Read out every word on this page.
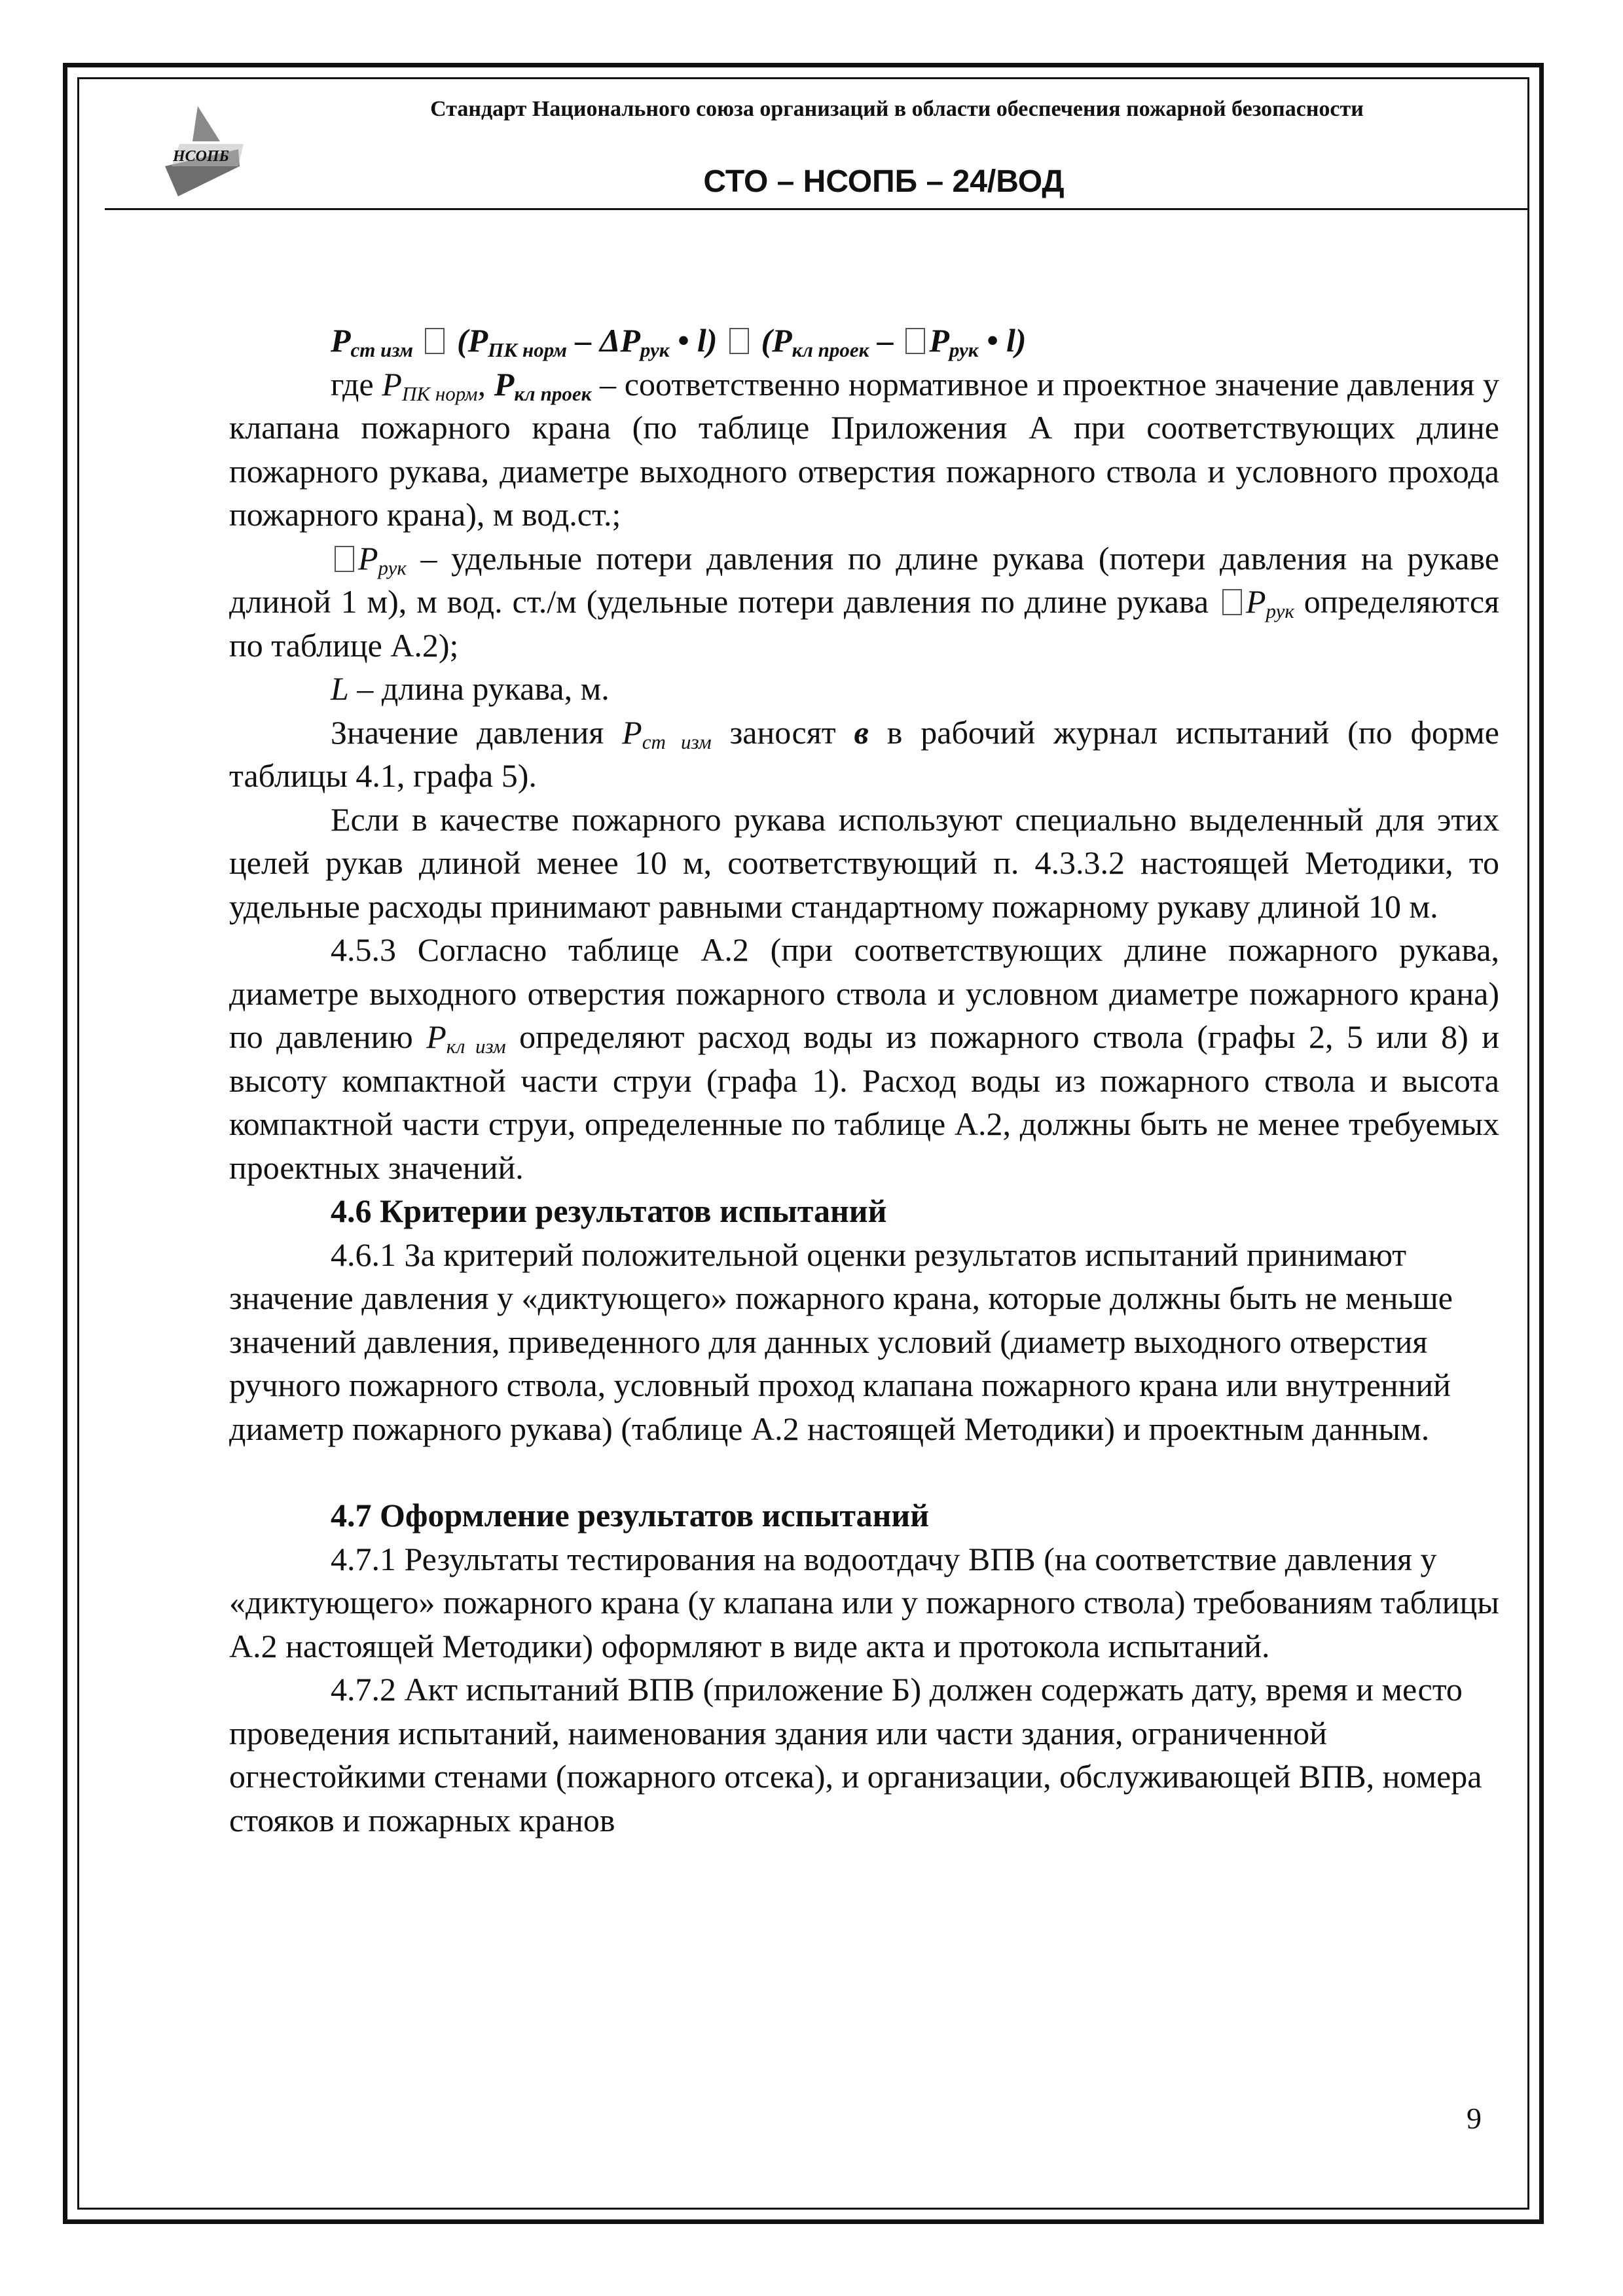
НСОПБ
Стандарт Национального союза организаций в области обеспечения пожарной безопасности
СТО – НСОПБ – 24/ВОД

$P_{ст изм}$ ($P_{ПК норм} - \Delta P_{рук}$ • l) ($P_{кл проек} - P_{рук}$ • l)

где $P_{ПК норм}$, $P_{кл проек}$ – соответственно нормативное и проектное значение давления у клапана пожарного крана (по таблице Приложения А при соответствующих длине пожарного рукава, диаметре выходного отверстия пожарного ствола и условного прохода пожарного крана), м вод.ст.;

$P_{рук}$ – удельные потери давления по длине рукава (потери давления на рукаве длиной 1 м), м вод. ст./м (удельные потери давления по длине рукава $P_{рук}$ определяются по таблице А.2);

L – длина рукава, м.

Значение давления $P_{ст изм}$ заносят в в рабочий журнал испытаний (по форме таблицы 4.1, графа 5).

Если в качестве пожарного рукава используют специально выделенный для этих целей рукав длиной менее 10 м, соответствующий п. 4.3.3.2 настоящей Методики, то удельные расходы принимают равными стандартному пожарному рукаву длиной 10 м.

4.5.3 Согласно таблице А.2 (при соответствующих длине пожарного рукава, диаметре выходного отверстия пожарного ствола и условном диаметре пожарного крана) по давлению $P_{кл изм}$ определяют расход воды из пожарного ствола (графы 2, 5 или 8) и высоту компактной части струи (графа 1). Расход воды из пожарного ствола и высота компактной части струи, определенные по таблице А.2, должны быть не менее требуемых проектных значений.

4.6 Критерии результатов испытаний

4.6.1 За критерий положительной оценки результатов испытаний принимают значение давления у «диктующего» пожарного крана, которые должны быть не меньше значений давления, приведенного для данных условий (диаметр выходного отверстия ручного пожарного ствола, условный проход клапана пожарного крана или внутренний диаметр пожарного рукава) (таблице А.2 настоящей Методики) и проектным данным.

4.7 Оформление результатов испытаний

4.7.1 Результаты тестирования на водоотдачу ВПВ (на соответствие давления у «диктующего» пожарного крана (у клапана или у пожарного ствола) требованиям таблицы А.2 настоящей Методики) оформляют в виде акта и протокола испытаний.

4.7.2 Акт испытаний ВПВ (приложение Б) должен содержать дату, время и место проведения испытаний, наименования здания или части здания, ограниченной огнестойкими стенами (пожарного отсека), и организации, обслуживающей ВПВ, номера стояков и пожарных кранов

9
